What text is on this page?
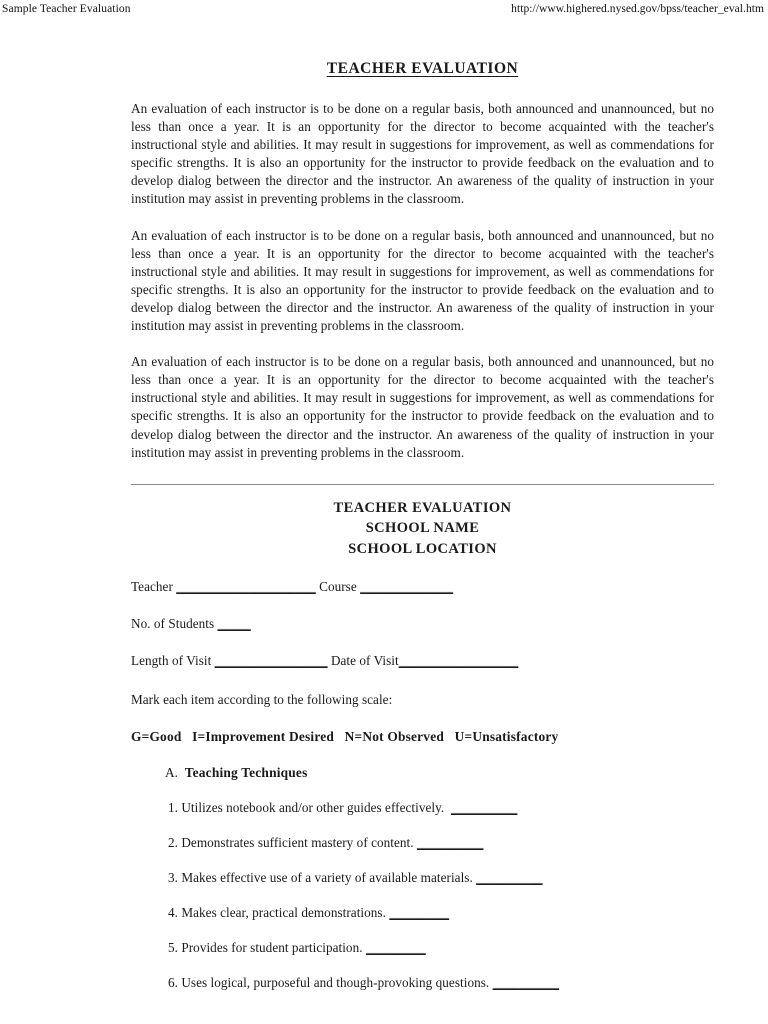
Sample Teacher Evaluation	http://www.highered.nysed.gov/bpss/teacher_eval.htm
TEACHER EVALUATION

An evaluation of each instructor is to be done on a regular basis, both announced and unannounced, but no less than once a year. It is an opportunity for the director to become acquainted with the teacher's instructional style and abilities. It may result in suggestions for improvement, as well as commendations for specific strengths. It is also an opportunity for the instructor to provide feedback on the evaluation and to develop dialog between the director and the instructor. An awareness of the quality of instruction in your institution may assist in preventing problems in the classroom.

An evaluation of each instructor is to be done on a regular basis, both announced and unannounced, but no less than once a year. It is an opportunity for the director to become acquainted with the teacher's instructional style and abilities. It may result in suggestions for improvement, as well as commendations for specific strengths. It is also an opportunity for the instructor to provide feedback on the evaluation and to develop dialog between the director and the instructor. An awareness of the quality of instruction in your institution may assist in preventing problems in the classroom.

An evaluation of each instructor is to be done on a regular basis, both announced and unannounced, but no less than once a year. It is an opportunity for the director to become acquainted with the teacher's instructional style and abilities. It may result in suggestions for improvement, as well as commendations for specific strengths. It is also an opportunity for the instructor to provide feedback on the evaluation and to develop dialog between the director and the instructor. An awareness of the quality of instruction in your institution may assist in preventing problems in the classroom.

TEACHER EVALUATION
SCHOOL NAME
SCHOOL LOCATION
Teacher _____________________ Course ______________
No. of Students _____
Length of Visit _________________ Date of Visit__________________
Mark each item according to the following scale:
G=Good   I=Improvement Desired   N=Not Observed   U=Unsatisfactory
A. Teaching Techniques
1. Utilizes notebook and/or other guides effectively. __________
2. Demonstrates sufficient mastery of content. __________
3. Makes effective use of a variety of available materials. __________
4. Makes clear, practical demonstrations. _________
5. Provides for student participation. _________
6. Uses logical, purposeful and though-provoking questions. __________
